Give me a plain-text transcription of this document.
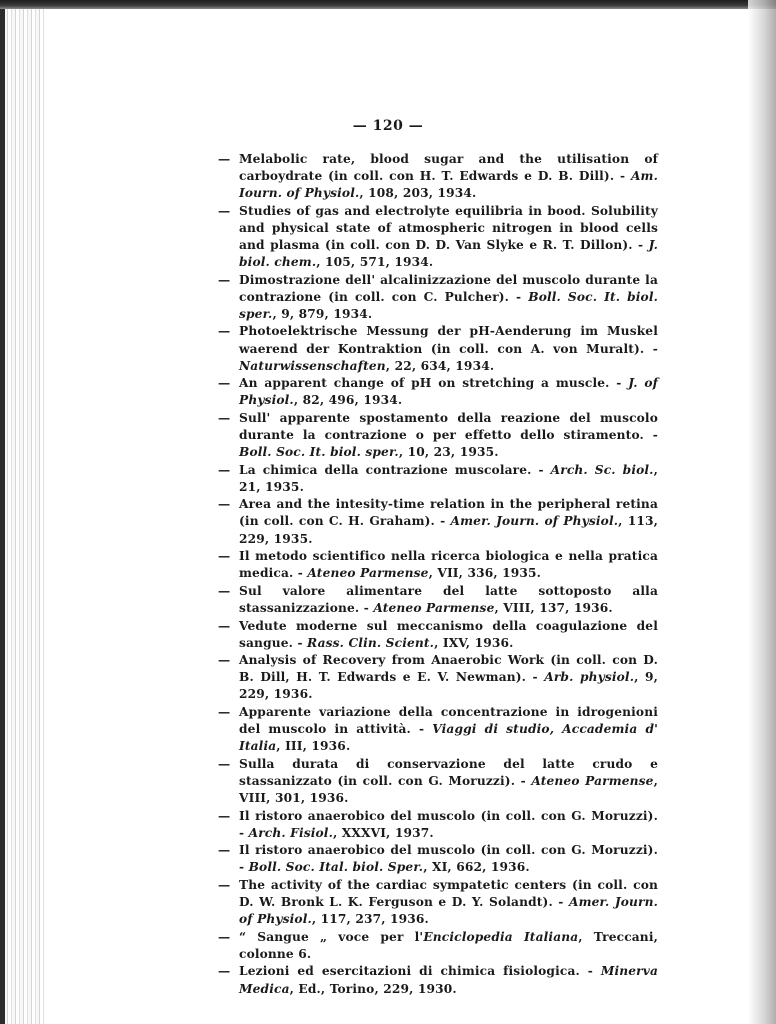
— 120 —
— Melabolic rate, blood sugar and the utilisation of carboydrate (in coll. con H. T. Edwards e D. B. Dill). - Am. Iourn. of Physiol., 108, 203, 1934.
— Studies of gas and electrolyte equilibria in bood. Solubility and physical state of atmospheric nitrogen in blood cells and plasma (in coll. con D. D. Van Slyke e R. T. Dillon). - J. biol. chem., 105, 571, 1934.
— Dimostrazione dell' alcalinizzazione del muscolo durante la contrazione (in coll. con C. Pulcher). - Boll. Soc. It. biol. sper., 9, 879, 1934.
— Photoelektrische Messung der pH-Aenderung im Muskel waerend der Kontraktion (in coll. con A. von Muralt). - Naturwissenschaften, 22, 634, 1934.
— An apparent change of pH on stretching a muscle. - J. of Physiol., 82, 496, 1934.
— Sull' apparente spostamento della reazione del muscolo durante la contrazione o per effetto dello stiramento. - Boll. Soc. It. biol. sper., 10, 23, 1935.
— La chimica della contrazione muscolare. - Arch. Sc. biol., 21, 1935.
— Area and the intesity-time relation in the peripheral retina (in coll. con C. H. Graham). - Amer. Journ. of Physiol., 113, 229, 1935.
— Il metodo scientifico nella ricerca biologica e nella pratica medica. - Ateneo Parmense, VII, 336, 1935.
— Sul valore alimentare del latte sottoposto alla stassanizzazione. - Ateneo Parmense, VIII, 137, 1936.
— Vedute moderne sul meccanismo della coagulazione del sangue. - Rass. Clin. Scient., IXV, 1936.
— Analysis of Recovery from Anaerobic Work (in coll. con D. B. Dill, H. T. Edwards e E. V. Newman). - Arb. physiol., 9, 229, 1936.
— Apparente variazione della concentrazione in idrogenioni del muscolo in attività. - Viaggi di studio, Accademia d' Italia, III, 1936.
— Sulla durata di conservazione del latte crudo e stassanizzato (in coll. con G. Moruzzi). - Ateneo Parmense, VIII, 301, 1936.
— Il ristoro anaerobico del muscolo (in coll. con G. Moruzzi). - Arch. Fisiol., XXXVI, 1937.
— Il ristoro anaerobico del muscolo (in coll. con G. Moruzzi). - Boll. Soc. Ital. biol. Sper., XI, 662, 1936.
— The activity of the cardiac sympatetic centers (in coll. con D. W. Bronk L. K. Ferguson e D. Y. Solandt). - Amer. Journ. of Physiol., 117, 237, 1936.
— “ Sangue „ voce per l'Enciclopedia Italiana, Treccani, colonne 6.
— Lezioni ed esercitazioni di chimica fisiologica. - Minerva Medica, Ed., Torino, 229, 1930.
